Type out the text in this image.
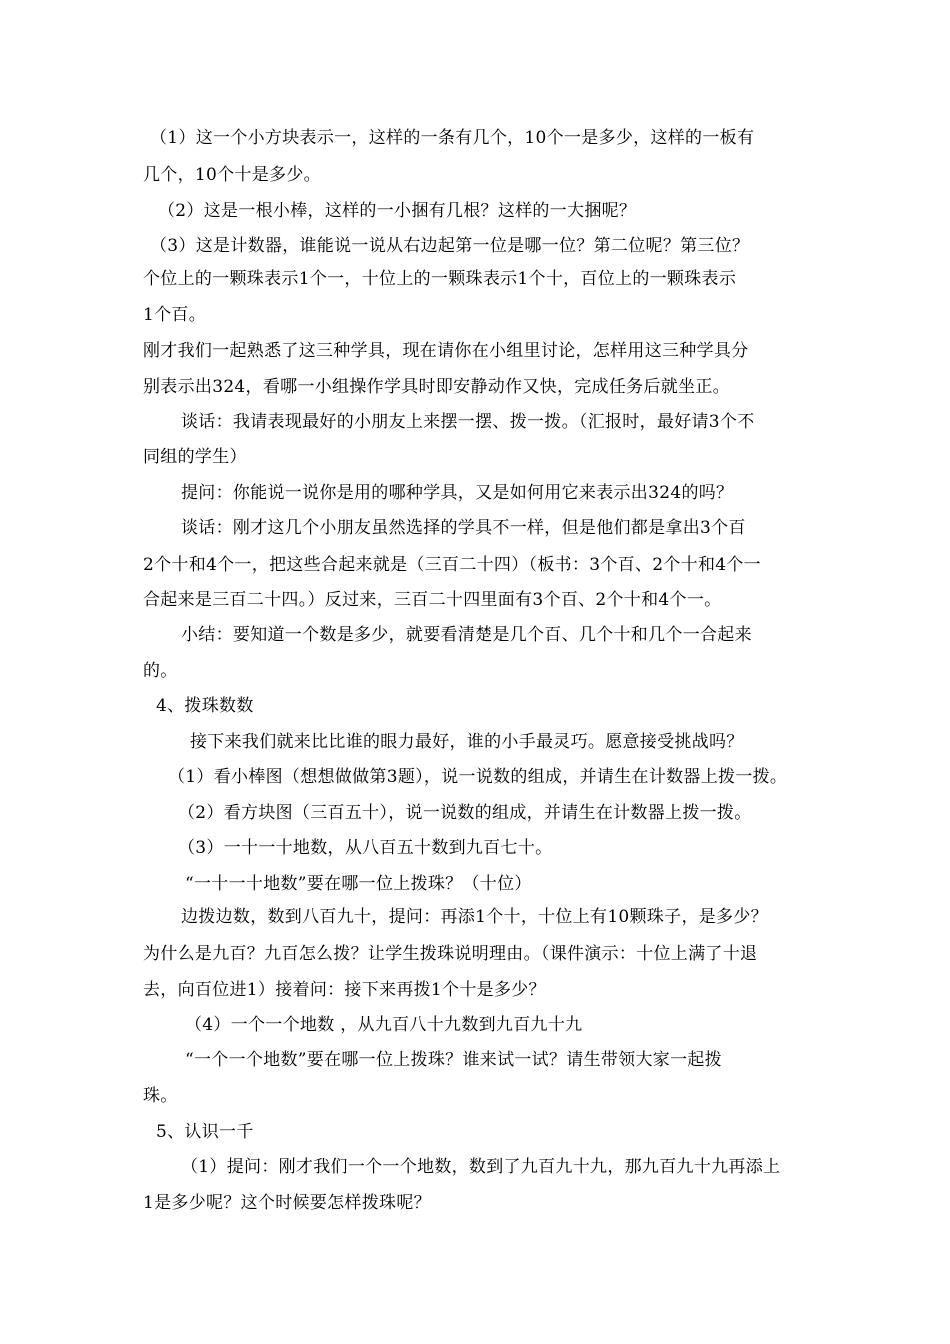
（1）这一个小方块表示一，这样的一条有几个，10个一是多少，这样的一板有
几个，10个十是多少。
（2）这是一根小棒，这样的一小捆有几根？这样的一大捆呢？
（3）这是计数器，谁能说一说从右边起第一位是哪一位？第二位呢？第三位？
个位上的一颗珠表示1个一，十位上的一颗珠表示1个十，百位上的一颗珠表示
1个百。
刚才我们一起熟悉了这三种学具，现在请你在小组里讨论，怎样用这三种学具分
别表示出324，看哪一小组操作学具时即安静动作又快，完成任务后就坐正。
谈话：我请表现最好的小朋友上来摆一摆、拨一拨。（汇报时，最好请3个不
同组的学生）
提问：你能说一说你是用的哪种学具，又是如何用它来表示出324的吗？
谈话：刚才这几个小朋友虽然选择的学具不一样，但是他们都是拿出3个百
2个十和4个一，把这些合起来就是（三百二十四）（板书：3个百、2个十和4个一
合起来是三百二十四。）反过来，三百二十四里面有3个百、2个十和4个一。
小结：要知道一个数是多少，就要看清楚是几个百、几个十和几个一合起来
的。
4、拨珠数数
接下来我们就来比比谁的眼力最好，谁的小手最灵巧。愿意接受挑战吗？
（1）看小棒图（想想做做第3题），说一说数的组成，并请生在计数器上拨一拨。
（2）看方块图（三百五十），说一说数的组成，并请生在计数器上拨一拨。
（3）一十一十地数，从八百五十数到九百七十。
“一十一十地数”要在哪一位上拨珠？（十位）
边拨边数，数到八百九十，提问：再添1个十，十位上有10颗珠子，是多少？
为什么是九百？九百怎么拨？让学生拨珠说明理由。（课件演示：十位上满了十退
去，向百位进1）接着问：接下来再拨1个十是多少？
（4）一个一个地数 ，从九百八十九数到九百九十九
“一个一个地数”要在哪一位上拨珠？谁来试一试？请生带领大家一起拨
珠。
5、认识一千
（1）提问：刚才我们一个一个地数，数到了九百九十九，那九百九十九再添上
1是多少呢？这个时候要怎样拨珠呢？
